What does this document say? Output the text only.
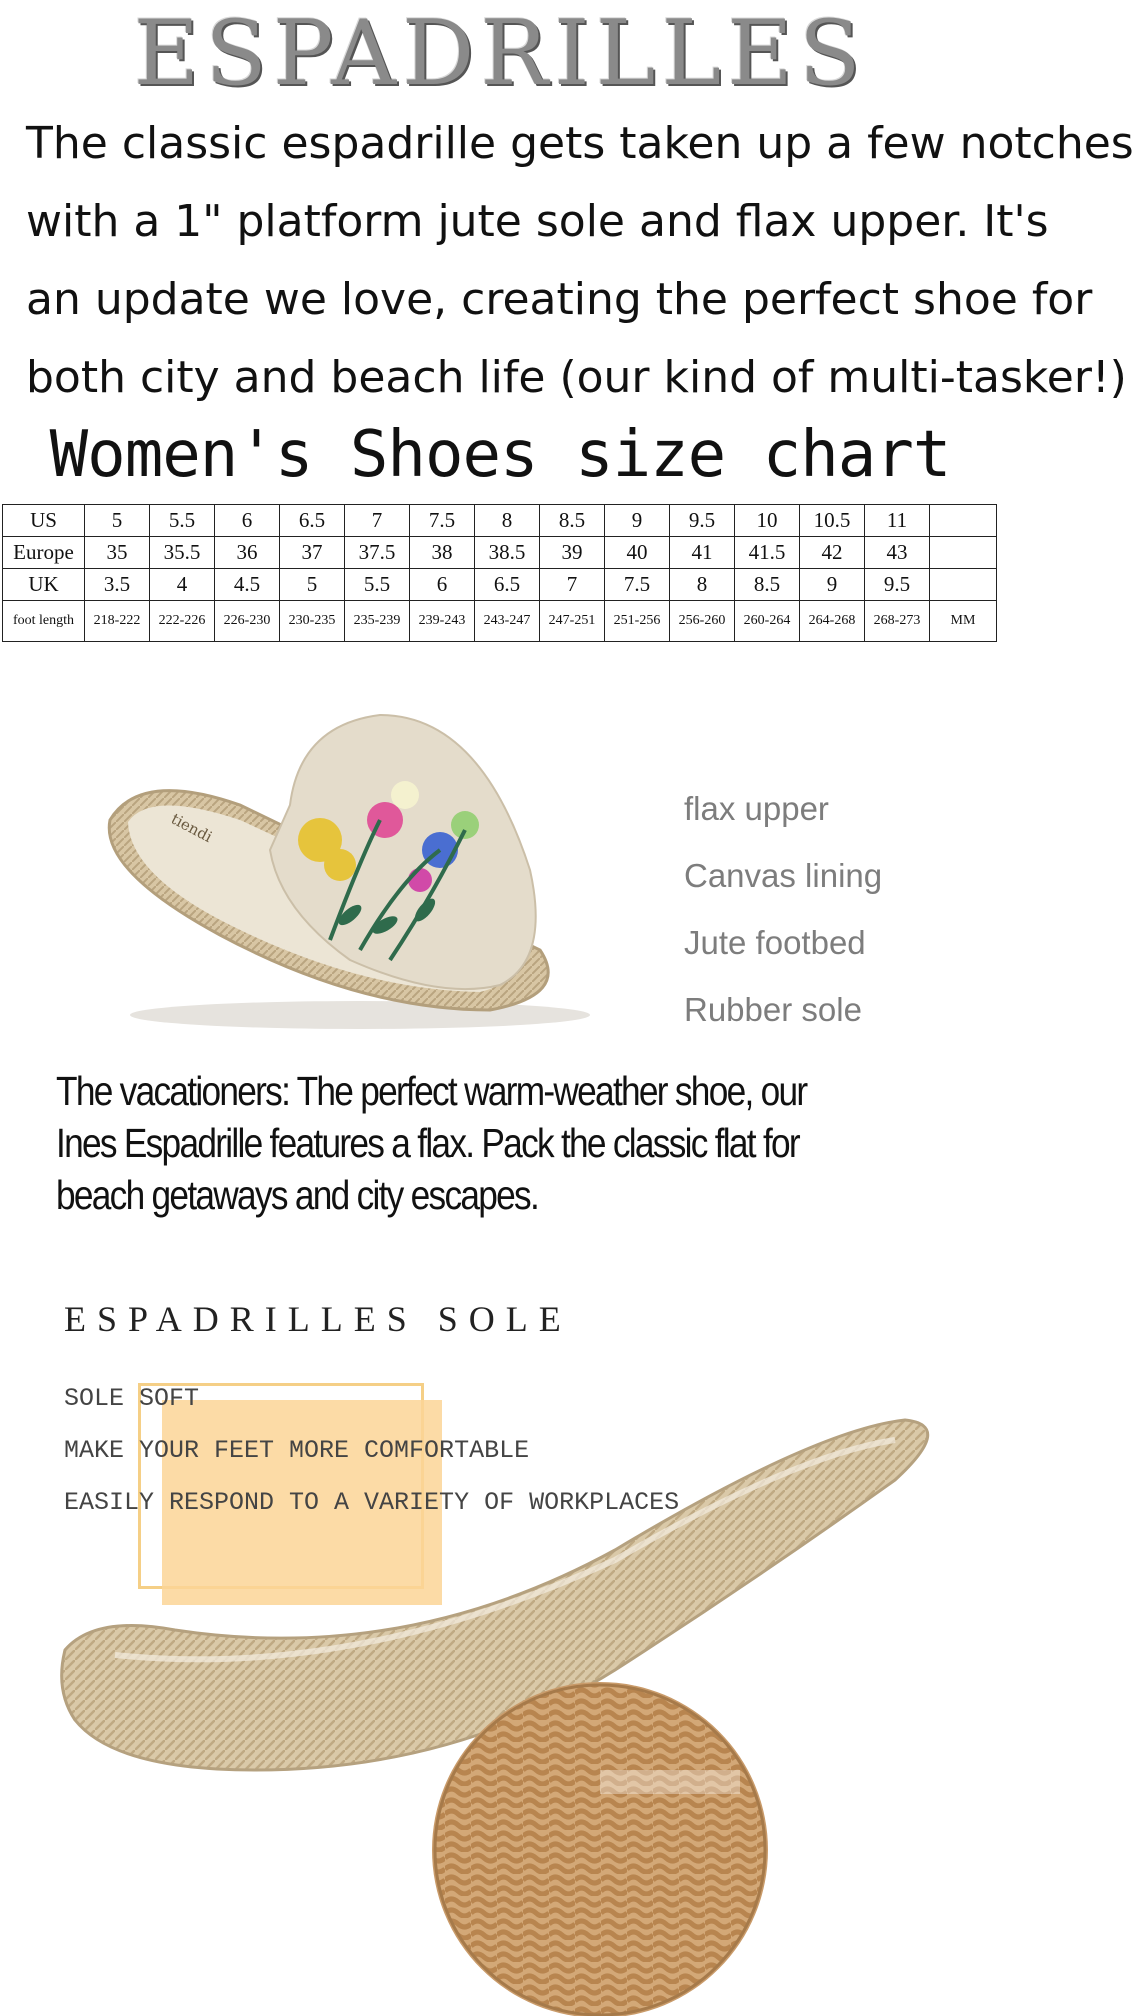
ESPADRILLES
The classic espadrille gets taken up a few notches
with a 1" platform jute sole and flax upper. It's
an update we love, creating the perfect shoe for
both city and beach life (our kind of multi-tasker!)
Women's Shoes size chart
US	5	5.5	6	6.5	7	7.5	8	8.5	9	9.5	10	10.5	11	
Europe	35	35.5	36	37	37.5	38	38.5	39	40	41	41.5	42	43	
UK	3.5	4	4.5	5	5.5	6	6.5	7	7.5	8	8.5	9	9.5	
foot length	218-222	222-226	226-230	230-235	235-239	239-243	243-247	247-251	251-256	256-260	260-264	264-268	268-273	MM
tiendi
flax upper
Canvas lining
Jute footbed
Rubber sole
The vacationers: The perfect warm-weather shoe, our
Ines Espadrille features a flax. Pack the classic flat for
beach getaways and city escapes.
ESPADRILLES SOLE
SOLE SOFT
MAKE YOUR FEET MORE COMFORTABLE
EASILY RESPOND TO A VARIETY OF WORKPLACES
